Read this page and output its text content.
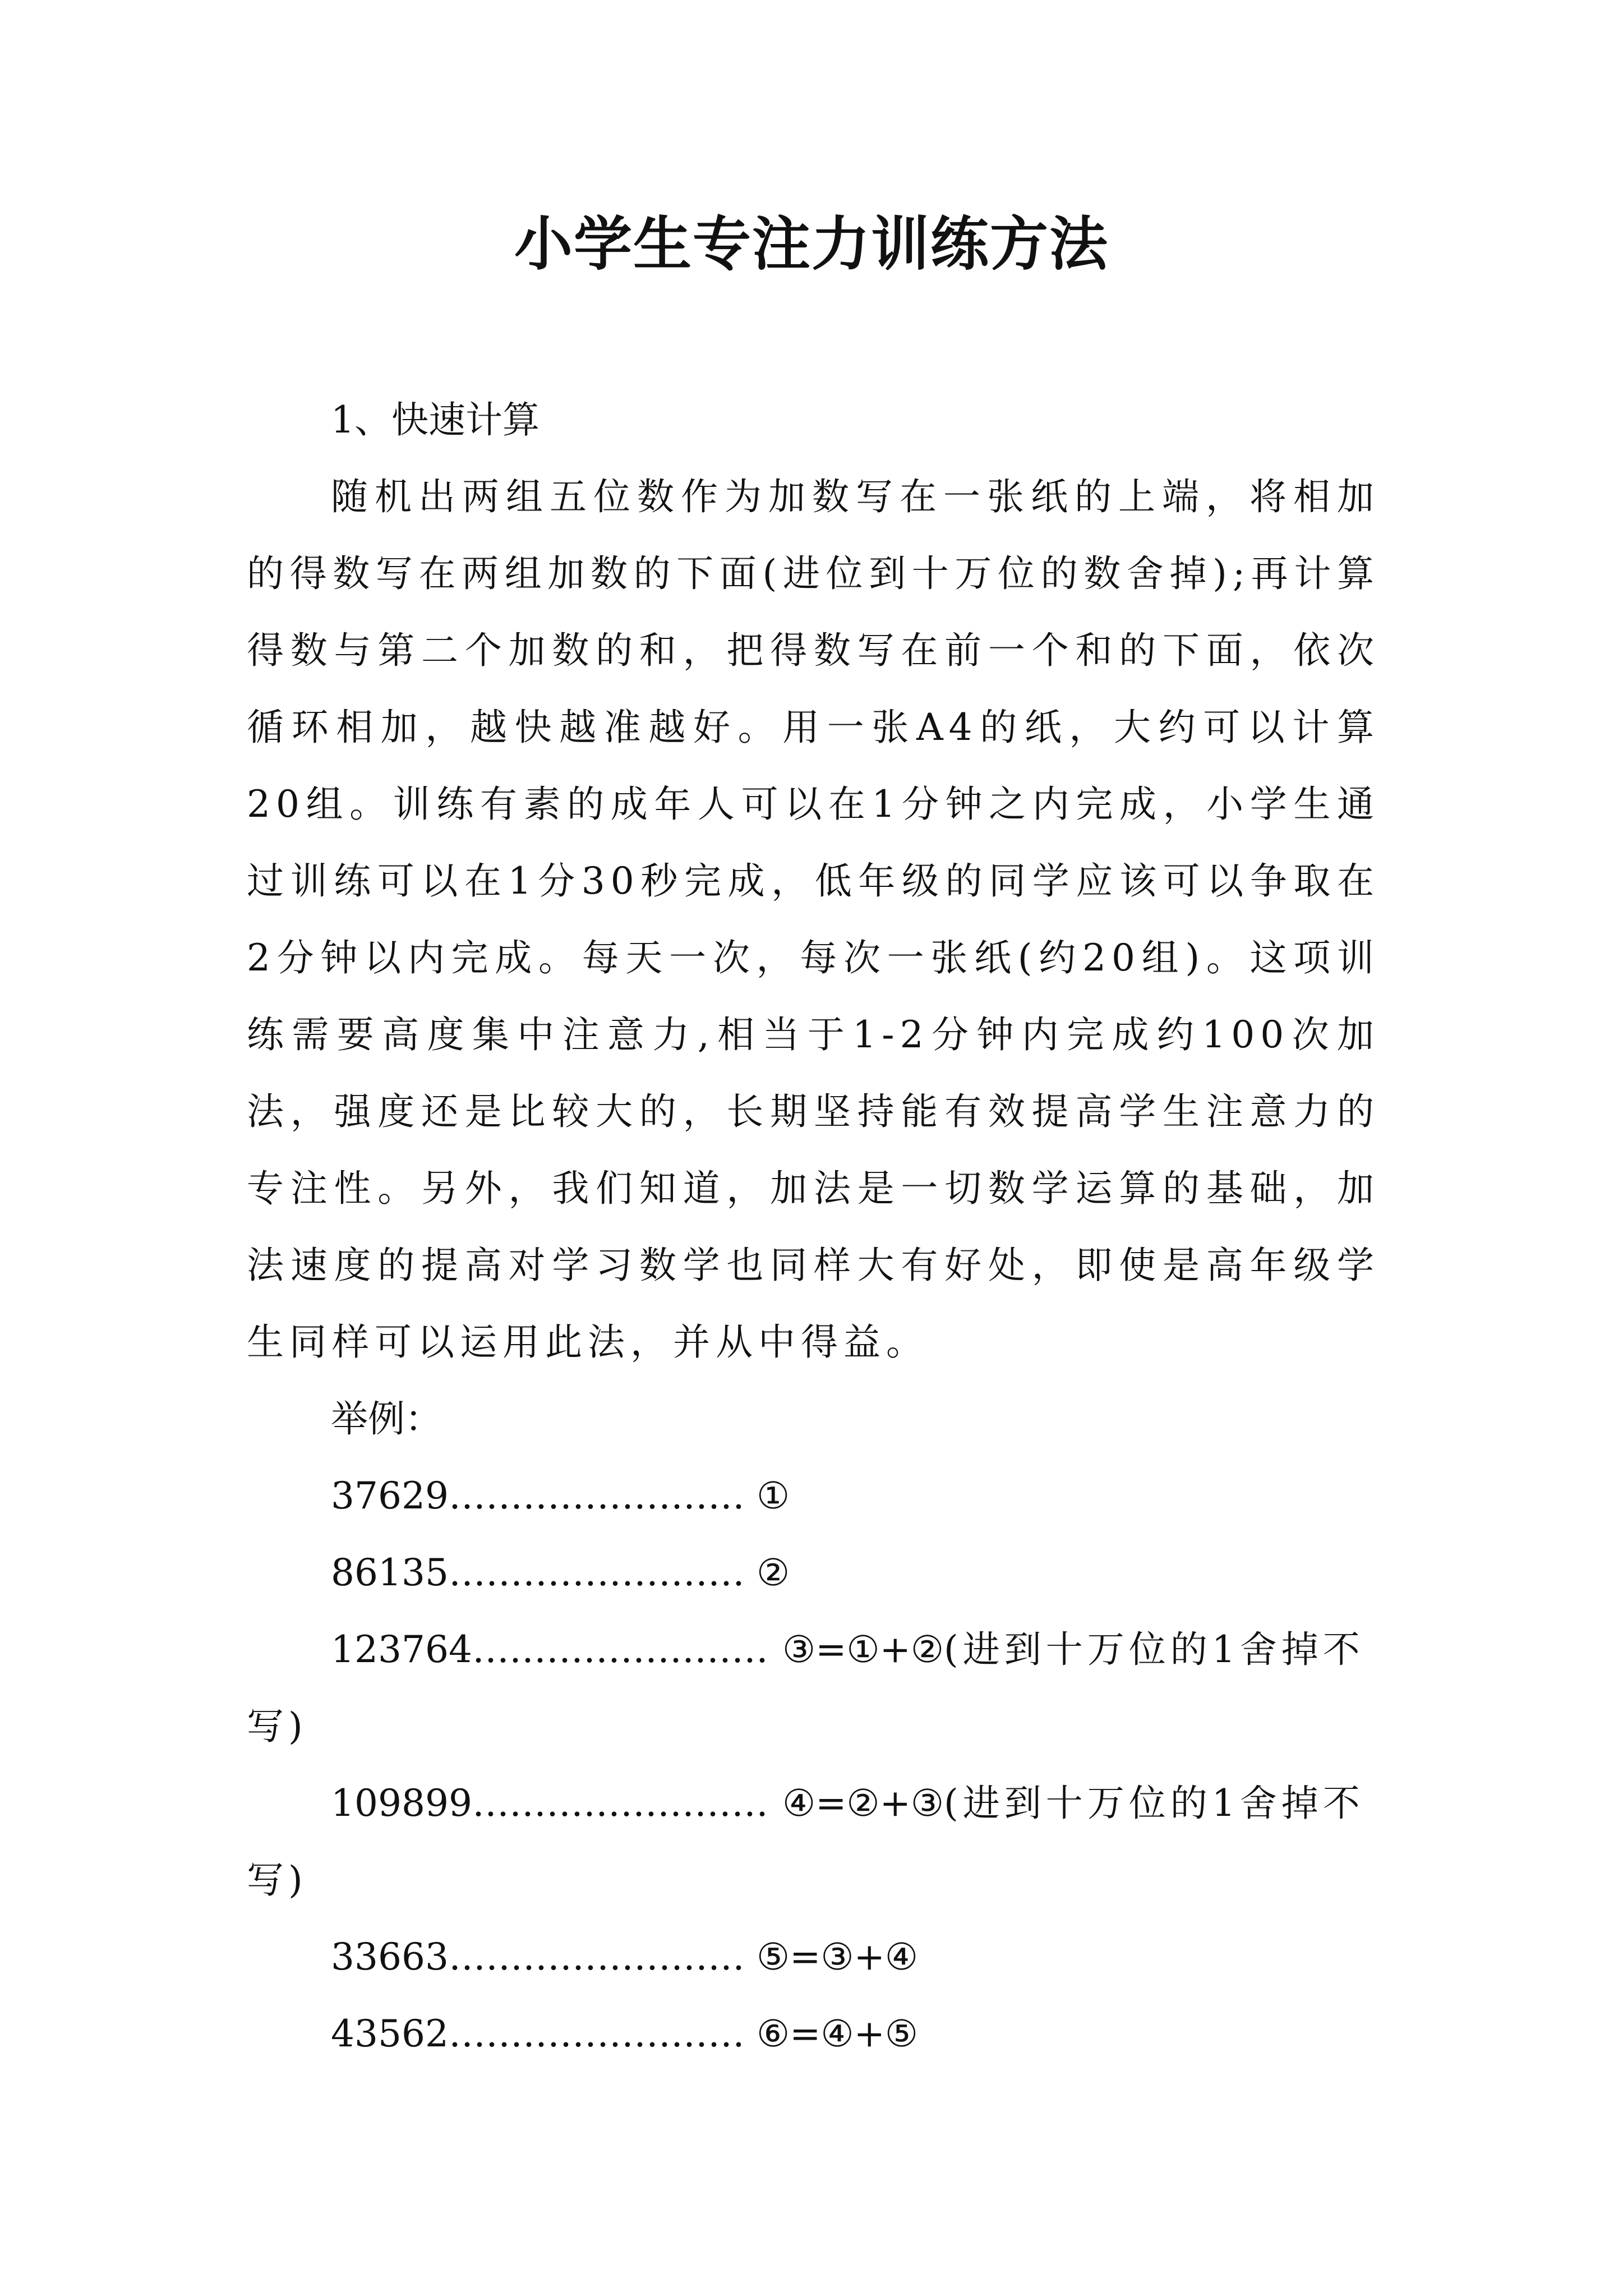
小学生专注力训练方法
1、快速计算

随机出两组五位数作为加数写在一张纸的上端，将相加的得数写在两组加数的下面(进位到十万位的数舍掉);再计算得数与第二个加数的和，把得数写在前一个和的下面，依次循环相加，越快越准越好。用一张A4的纸，大约可以计算20组。训练有素的成年人可以在1分钟之内完成，小学生通过训练可以在1分30秒完成，低年级的同学应该可以争取在2分钟以内完成。每天一次，每次一张纸(约20组)。这项训练需要高度集中注意力,相当于1-2分钟内完成约100次加法，强度还是比较大的，长期坚持能有效提高学生注意力的专注性。另外，我们知道，加法是一切数学运算的基础，加法速度的提高对学习数学也同样大有好处，即使是高年级学生同样可以运用此法，并从中得益。

举例：
37629…………………… ①
86135…………………… ②
123764…………………… ③=①+②(进到十万位的1舍掉不写)
109899…………………… ④=②+③(进到十万位的1舍掉不写)
33663…………………… ⑤=③+④
43562…………………… ⑥=④+⑤
